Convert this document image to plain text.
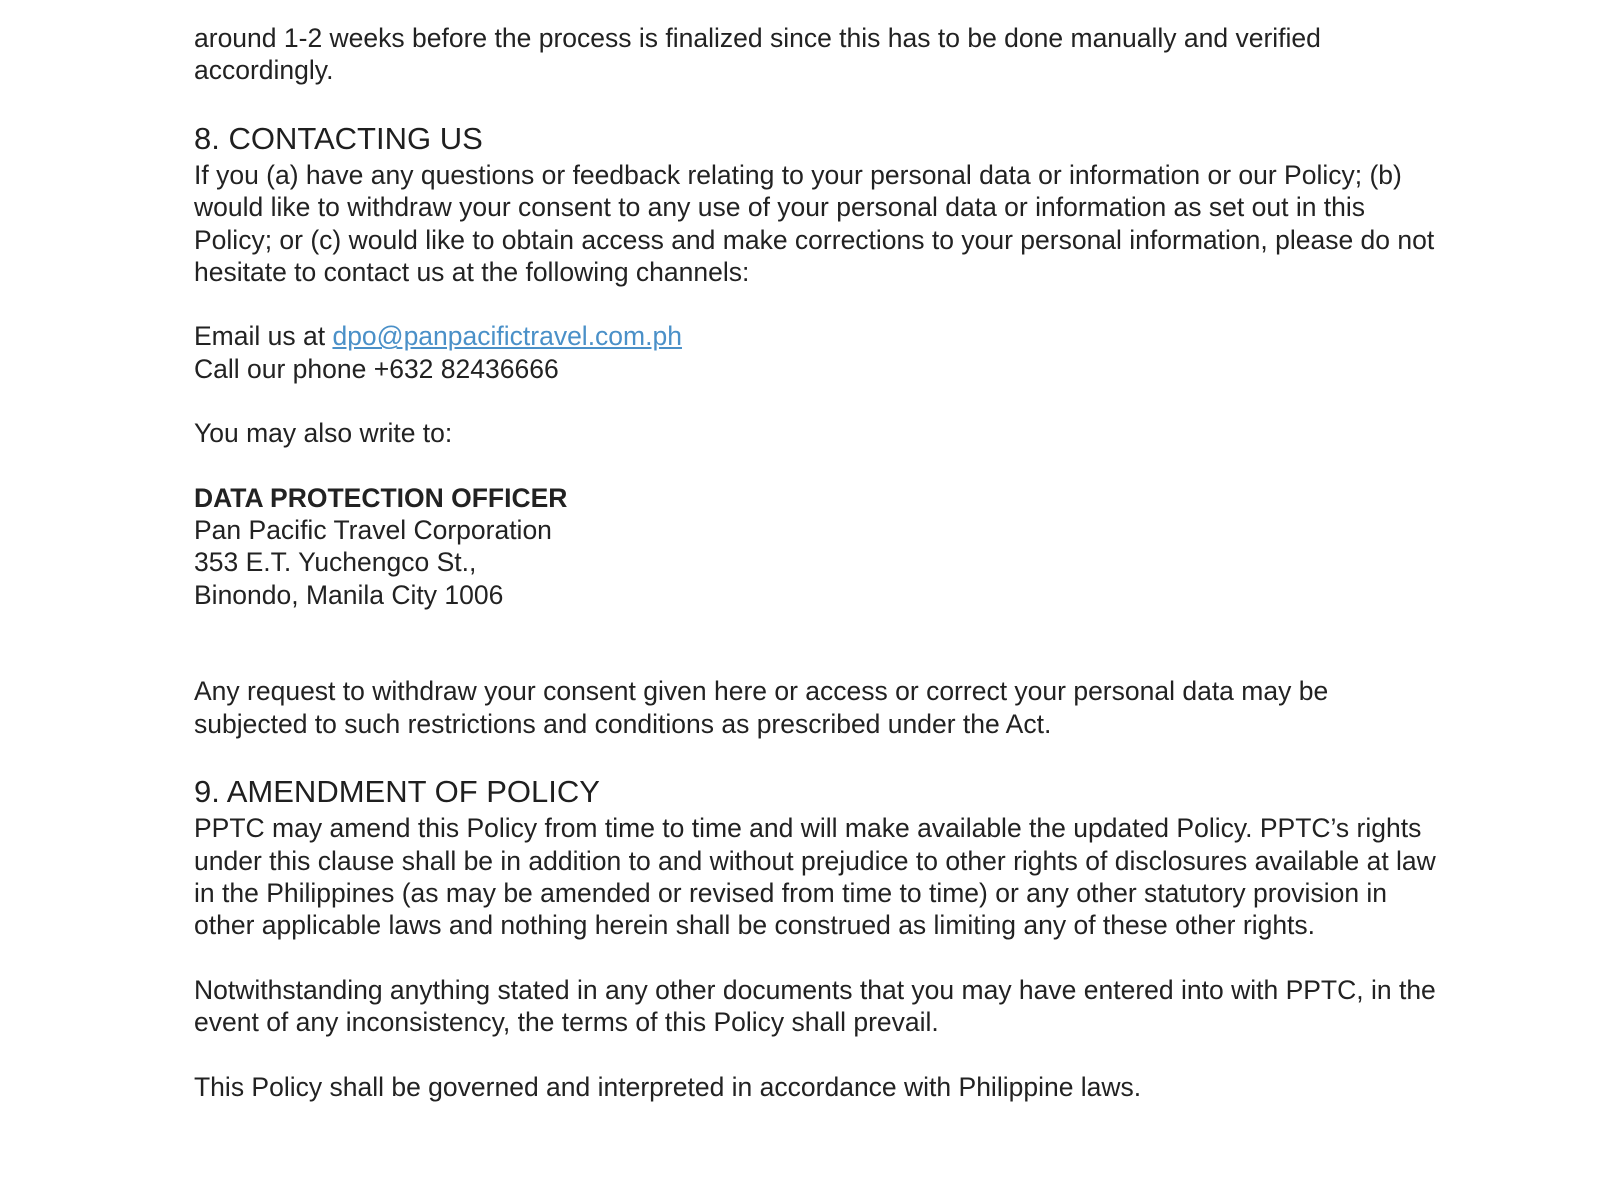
around 1-2 weeks before the process is finalized since this has to be done manually and verified accordingly.

8. CONTACTING US

If you (a) have any questions or feedback relating to your personal data or information or our Policy; (b) would like to withdraw your consent to any use of your personal data or information as set out in this Policy; or (c) would like to obtain access and make corrections to your personal information, please do not hesitate to contact us at the following channels:

Email us at dpo@panpacifictravel.com.ph

Call our phone +632 82436666

You may also write to:

DATA PROTECTION OFFICER

Pan Pacific Travel Corporation

353 E.T. Yuchengco St.,

Binondo, Manila City 1006

Any request to withdraw your consent given here or access or correct your personal data may be subjected to such restrictions and conditions as prescribed under the Act.

9. AMENDMENT OF POLICY

PPTC may amend this Policy from time to time and will make available the updated Policy. PPTC’s rights under this clause shall be in addition to and without prejudice to other rights of disclosures available at law in the Philippines (as may be amended or revised from time to time) or any other statutory provision in other applicable laws and nothing herein shall be construed as limiting any of these other rights.

Notwithstanding anything stated in any other documents that you may have entered into with PPTC, in the event of any inconsistency, the terms of this Policy shall prevail.

This Policy shall be governed and interpreted in accordance with Philippine laws.
